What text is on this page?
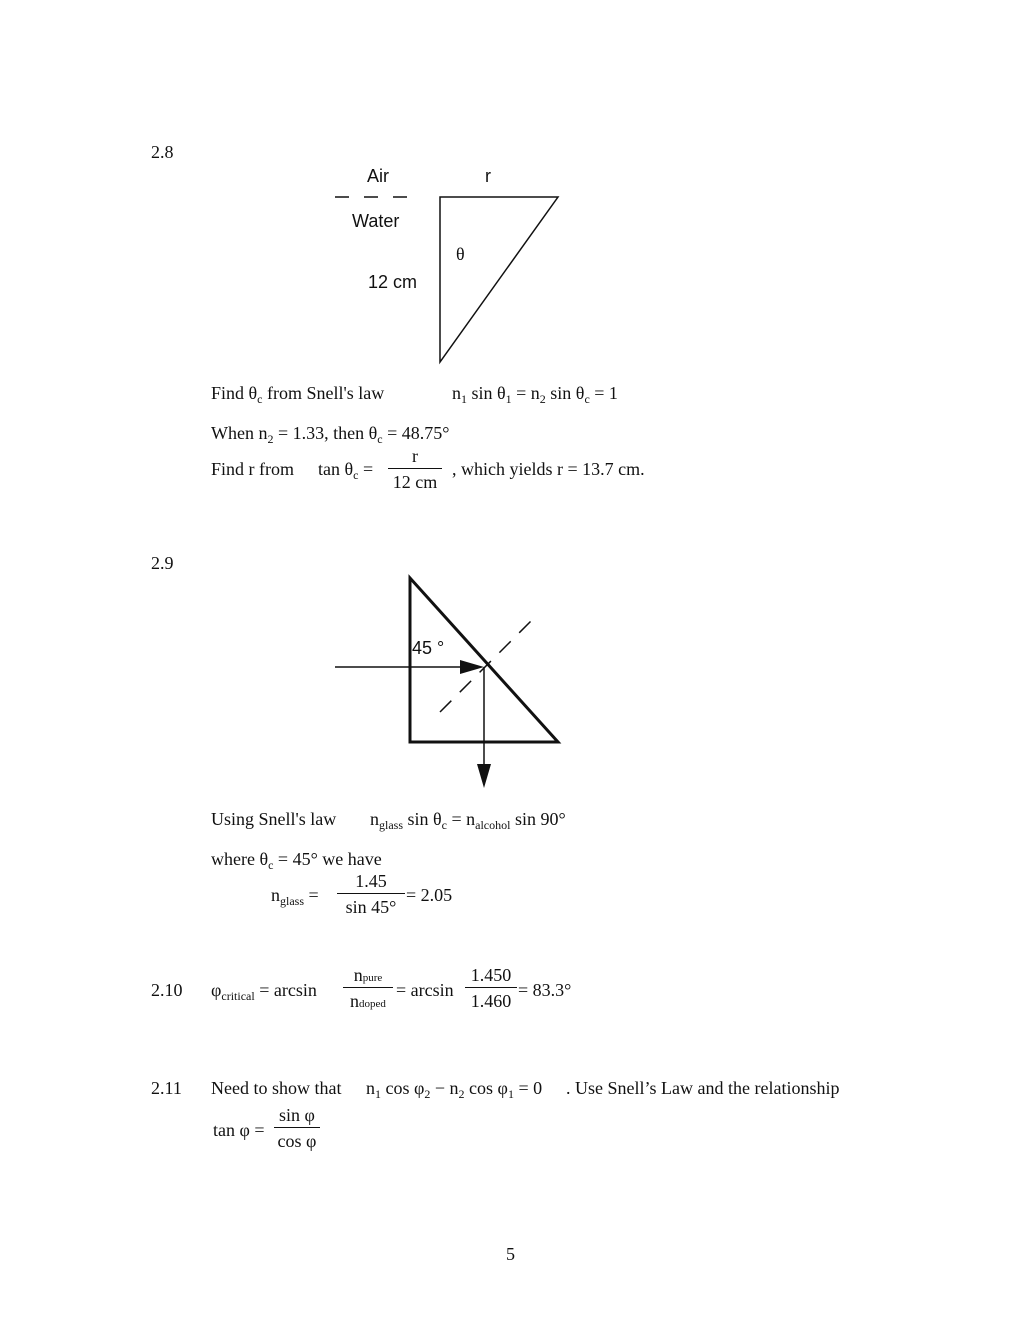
2.8
Air	r
Water
θ
12 cm
Find $\theta_c$ from Snell's law	$n_1$ $\sin \theta_1 = n_2$ $\sin \theta_c = 1$
When $n_2 = 1.33$, then $\theta_c = 48.75^\circ$
Find r from $\tan \theta_c$ =
r
12 cm
, which yields r = 13.7 cm.
2.9
45 °
Using Snell's law $n_{glass}$ $\sin \theta_c = n_{alcohol}$ sin 90°
where $\theta_c = 45^\circ$ we have
$n_{glass}$ =
1.45
sin 45°
= 2.05
2.10 $\varphi_{critical} = \arcsin$
npure
ndoped
= arcsin
1.450
1.460
= 83.3°
2.11 Need to show that $n_1$ $\cos \varphi_2 - n_2$ $\cos \varphi_1 = 0$ . Use Snell’s Law and the relationship
tan φ =
sin φ
cos φ
5
